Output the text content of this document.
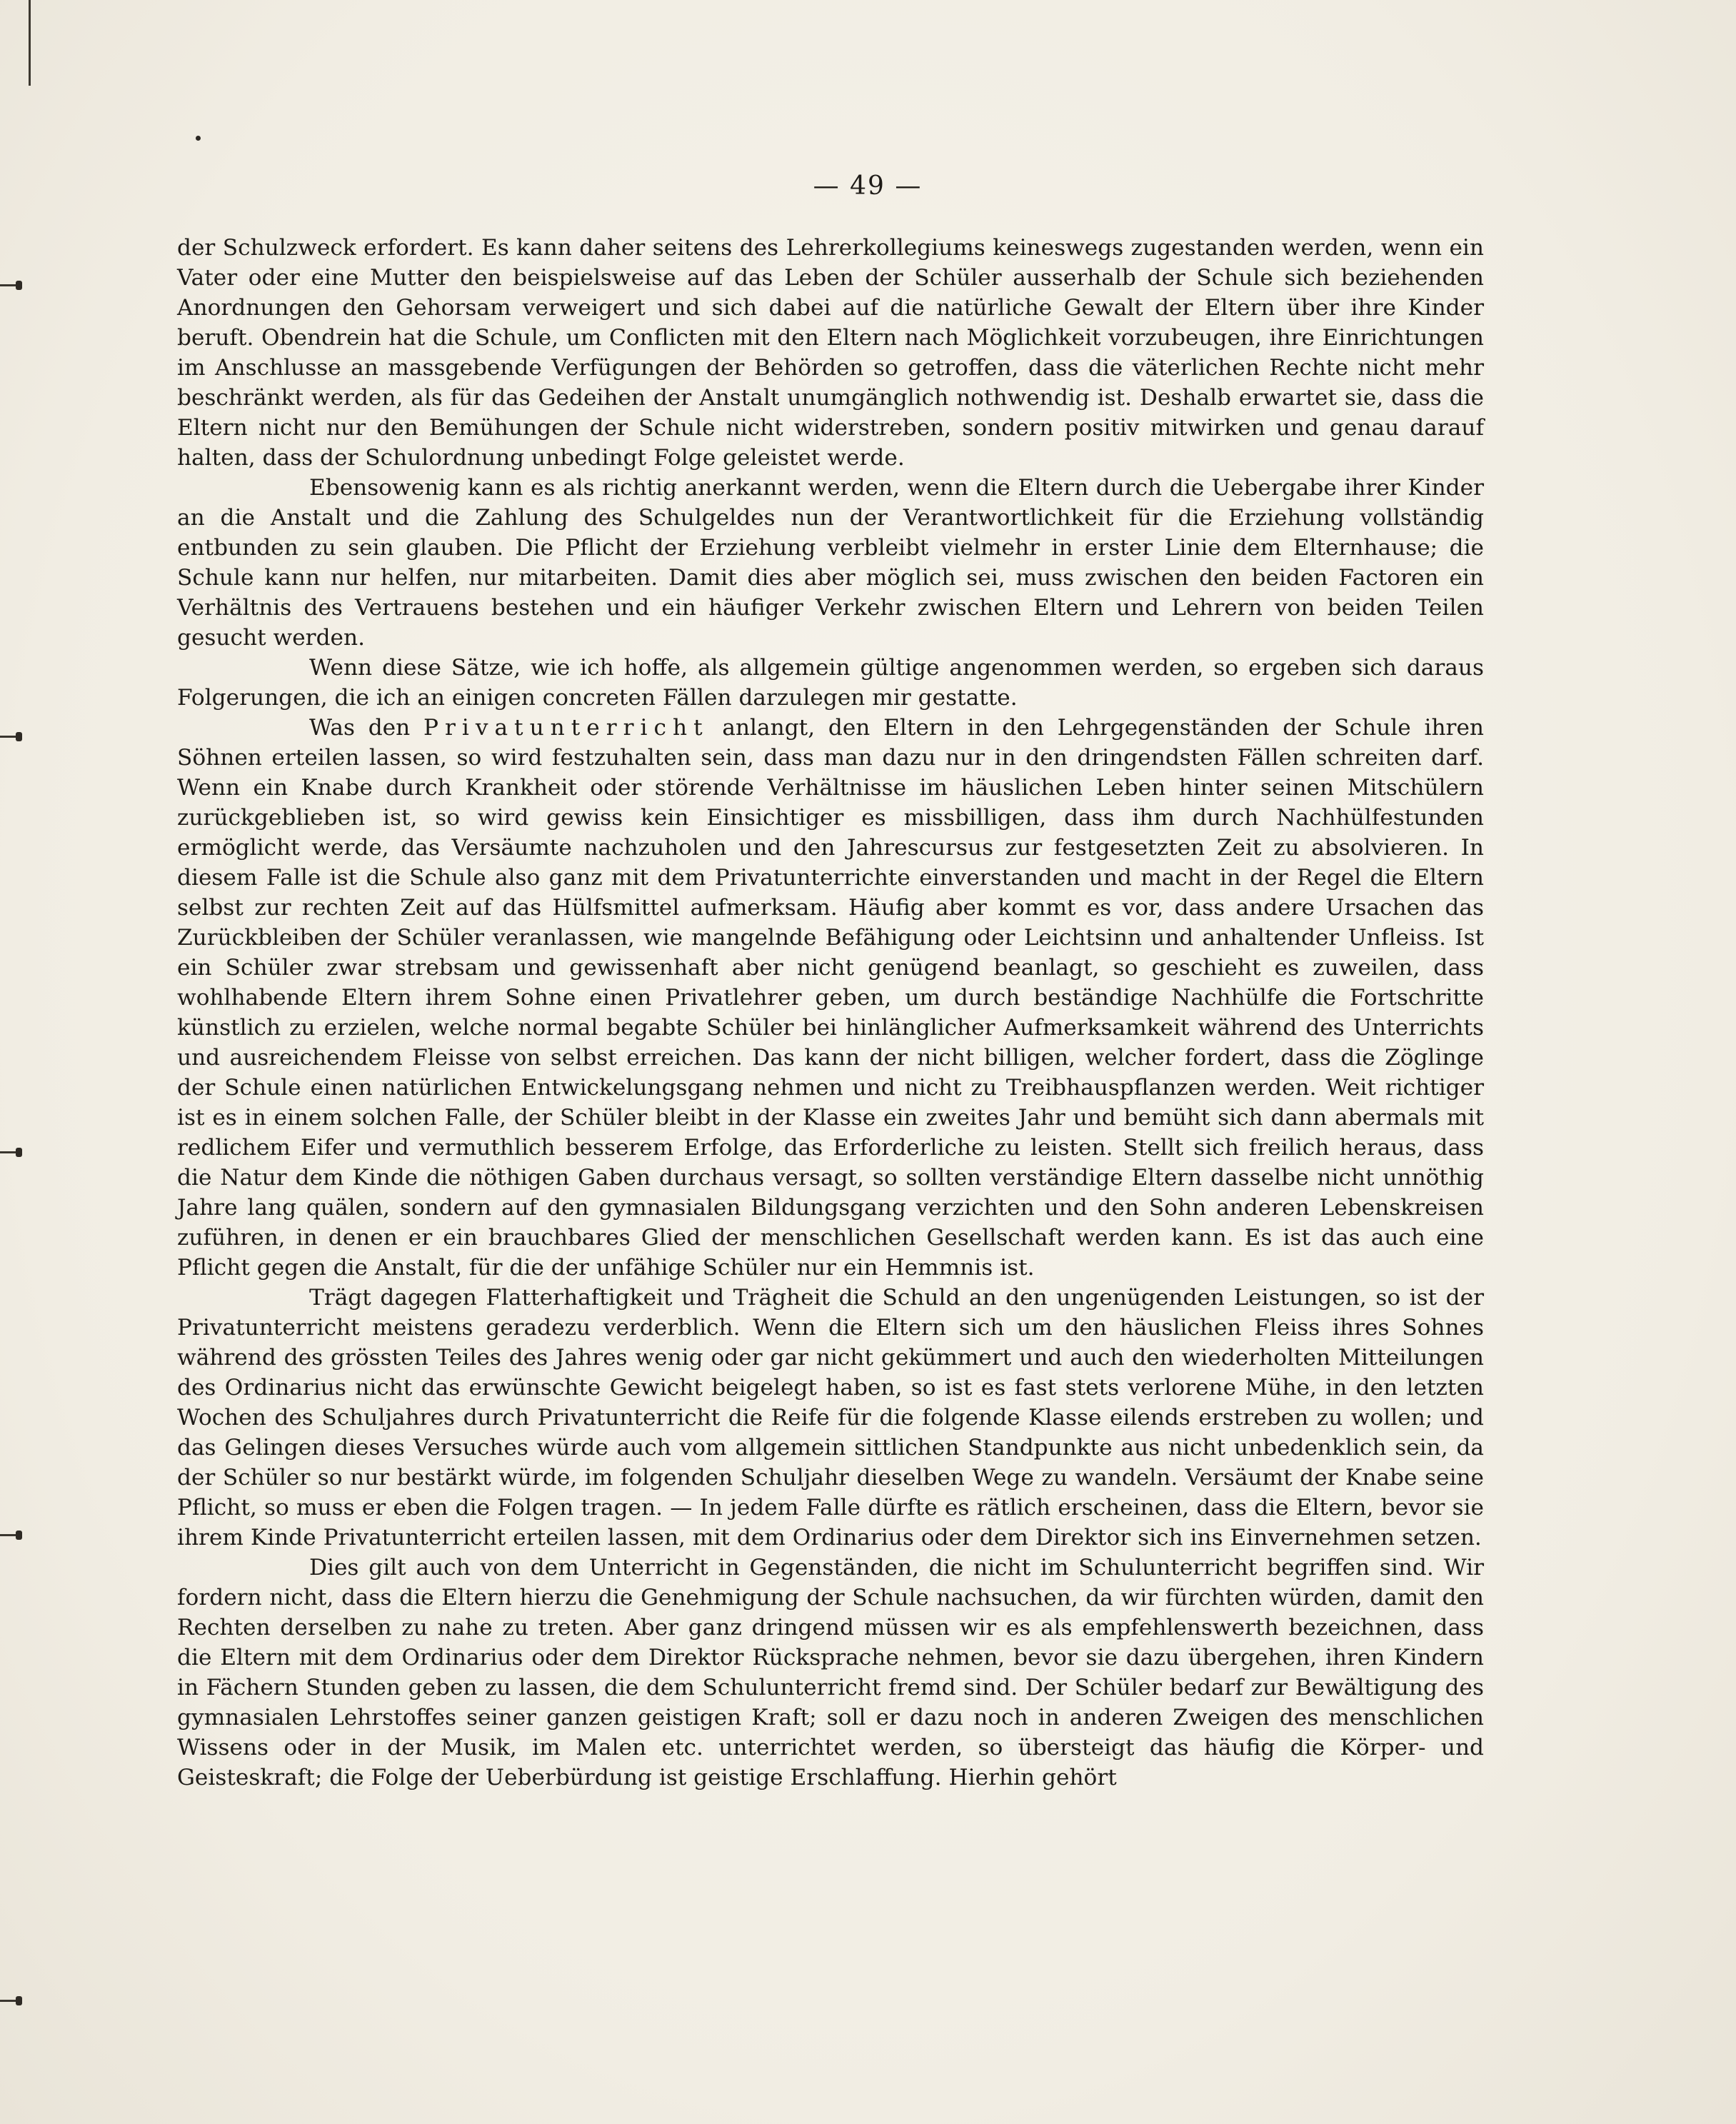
— 49 —

der Schulzweck erfordert. Es kann daher seitens des Lehrerkollegiums keineswegs zugestanden werden, wenn ein Vater oder eine Mutter den beispielsweise auf das Leben der Schüler ausserhalb der Schule sich beziehenden Anordnungen den Gehorsam verweigert und sich dabei auf die natürliche Gewalt der Eltern über ihre Kinder beruft. Obendrein hat die Schule, um Conflicten mit den Eltern nach Möglichkeit vorzubeugen, ihre Einrichtungen im Anschlusse an massgebende Verfügungen der Behörden so getroffen, dass die väterlichen Rechte nicht mehr beschränkt werden, als für das Gedeihen der Anstalt unumgänglich nothwendig ist. Deshalb erwartet sie, dass die Eltern nicht nur den Bemühungen der Schule nicht widerstreben, sondern positiv mitwirken und genau darauf halten, dass der Schulordnung unbedingt Folge geleistet werde.

Ebensowenig kann es als richtig anerkannt werden, wenn die Eltern durch die Uebergabe ihrer Kinder an die Anstalt und die Zahlung des Schulgeldes nun der Verantwortlichkeit für die Erziehung vollständig entbunden zu sein glauben. Die Pflicht der Erziehung verbleibt vielmehr in erster Linie dem Elternhause; die Schule kann nur helfen, nur mitarbeiten. Damit dies aber möglich sei, muss zwischen den beiden Factoren ein Verhältnis des Vertrauens bestehen und ein häufiger Verkehr zwischen Eltern und Lehrern von beiden Teilen gesucht werden.

Wenn diese Sätze, wie ich hoffe, als allgemein gültige angenommen werden, so ergeben sich daraus Folgerungen, die ich an einigen concreten Fällen darzulegen mir gestatte.

Was den Privatunterricht anlangt, den Eltern in den Lehrgegenständen der Schule ihren Söhnen erteilen lassen, so wird festzuhalten sein, dass man dazu nur in den dringendsten Fällen schreiten darf. Wenn ein Knabe durch Krankheit oder störende Verhältnisse im häuslichen Leben hinter seinen Mitschülern zurückgeblieben ist, so wird gewiss kein Einsichtiger es missbilligen, dass ihm durch Nachhülfestunden ermöglicht werde, das Versäumte nachzuholen und den Jahrescursus zur festgesetzten Zeit zu absolvieren. In diesem Falle ist die Schule also ganz mit dem Privatunterrichte einverstanden und macht in der Regel die Eltern selbst zur rechten Zeit auf das Hülfsmittel aufmerksam. Häufig aber kommt es vor, dass andere Ursachen das Zurückbleiben der Schüler veranlassen, wie mangelnde Befähigung oder Leichtsinn und anhaltender Unfleiss. Ist ein Schüler zwar strebsam und gewissenhaft aber nicht genügend beanlagt, so geschieht es zuweilen, dass wohlhabende Eltern ihrem Sohne einen Privatlehrer geben, um durch beständige Nachhülfe die Fortschritte künstlich zu erzielen, welche normal begabte Schüler bei hinlänglicher Aufmerksamkeit während des Unterrichts und ausreichendem Fleisse von selbst erreichen. Das kann der nicht billigen, welcher fordert, dass die Zöglinge der Schule einen natürlichen Entwickelungsgang nehmen und nicht zu Treibhauspflanzen werden. Weit richtiger ist es in einem solchen Falle, der Schüler bleibt in der Klasse ein zweites Jahr und bemüht sich dann abermals mit redlichem Eifer und vermuthlich besserem Erfolge, das Erforderliche zu leisten. Stellt sich freilich heraus, dass die Natur dem Kinde die nöthigen Gaben durchaus versagt, so sollten verständige Eltern dasselbe nicht unnöthig Jahre lang quälen, sondern auf den gymnasialen Bildungsgang verzichten und den Sohn anderen Lebenskreisen zuführen, in denen er ein brauchbares Glied der menschlichen Gesellschaft werden kann. Es ist das auch eine Pflicht gegen die Anstalt, für die der unfähige Schüler nur ein Hemmnis ist.

Trägt dagegen Flatterhaftigkeit und Trägheit die Schuld an den ungenügenden Leistungen, so ist der Privatunterricht meistens geradezu verderblich. Wenn die Eltern sich um den häuslichen Fleiss ihres Sohnes während des grössten Teiles des Jahres wenig oder gar nicht gekümmert und auch den wiederholten Mitteilungen des Ordinarius nicht das erwünschte Gewicht beigelegt haben, so ist es fast stets verlorene Mühe, in den letzten Wochen des Schuljahres durch Privatunterricht die Reife für die folgende Klasse eilends erstreben zu wollen; und das Gelingen dieses Versuches würde auch vom allgemein sittlichen Standpunkte aus nicht unbedenklich sein, da der Schüler so nur bestärkt würde, im folgenden Schuljahr dieselben Wege zu wandeln. Versäumt der Knabe seine Pflicht, so muss er eben die Folgen tragen. — In jedem Falle dürfte es rätlich erscheinen, dass die Eltern, bevor sie ihrem Kinde Privatunterricht erteilen lassen, mit dem Ordinarius oder dem Direktor sich ins Einvernehmen setzen.

Dies gilt auch von dem Unterricht in Gegenständen, die nicht im Schulunterricht begriffen sind. Wir fordern nicht, dass die Eltern hierzu die Genehmigung der Schule nachsuchen, da wir fürchten würden, damit den Rechten derselben zu nahe zu treten. Aber ganz dringend müssen wir es als empfehlenswerth bezeichnen, dass die Eltern mit dem Ordinarius oder dem Direktor Rücksprache nehmen, bevor sie dazu übergehen, ihren Kindern in Fächern Stunden geben zu lassen, die dem Schulunterricht fremd sind. Der Schüler bedarf zur Bewältigung des gymnasialen Lehrstoffes seiner ganzen geistigen Kraft; soll er dazu noch in anderen Zweigen des menschlichen Wissens oder in der Musik, im Malen etc. unterrichtet werden, so übersteigt das häufig die Körper- und Geisteskraft; die Folge der Ueberbürdung ist geistige Erschlaffung. Hierhin gehört
